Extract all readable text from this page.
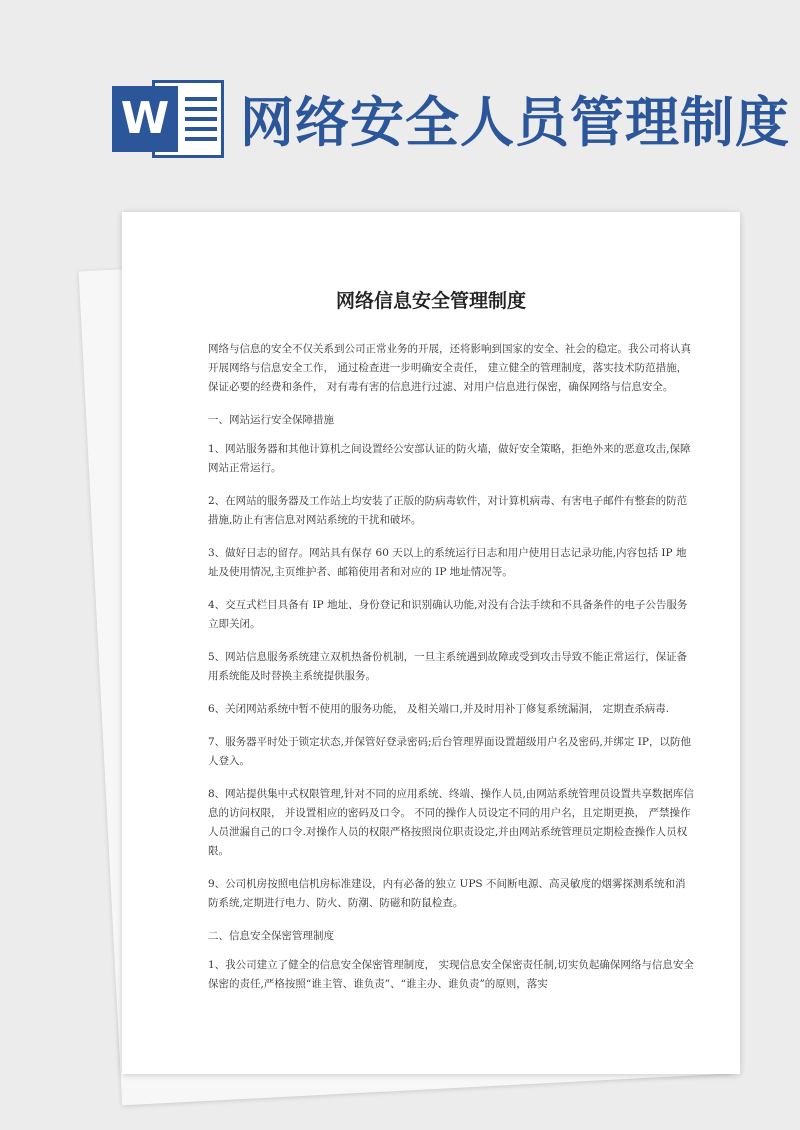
W 网络安全人员管理制度
网络信息安全管理制度

网络与信息的安全不仅关系到公司正常业务的开展，还将影响到国家的安全、社会的稳定。我公司将认真开展网络与信息安全工作， 通过检查进一步明确安全责任， 建立健全的管理制度，落实技术防范措施， 保证必要的经费和条件， 对有毒有害的信息进行过滤、对用户信息进行保密，确保网络与信息安全。

一、网站运行安全保障措施

1、网站服务器和其他计算机之间设置经公安部认证的防火墙，做好安全策略，拒绝外来的恶意攻击,保障网站正常运行。

2、在网站的服务器及工作站上均安装了正版的防病毒软件，对计算机病毒、有害电子邮件有整套的防范措施,防止有害信息对网站系统的干扰和破坏。

3、做好日志的留存。网站具有保存 60 天以上的系统运行日志和用户使用日志记录功能,内容包括 IP 地址及使用情况,主页维护者、邮箱使用者和对应的 IP 地址情况等。

4、交互式栏目具备有 IP 地址、身份登记和识别确认功能,对没有合法手续和不具备条件的电子公告服务立即关闭。

5、网站信息服务系统建立双机热备份机制，一旦主系统遇到故障或受到攻击导致不能正常运行，保证备用系统能及时替换主系统提供服务。

6、关闭网站系统中暂不使用的服务功能， 及相关端口,并及时用补丁修复系统漏洞， 定期查杀病毒.

7、服务器平时处于锁定状态,并保管好登录密码;后台管理界面设置超级用户名及密码,并绑定 IP，以防他人登入。

8、网站提供集中式权限管理,针对不同的应用系统、终端、操作人员,由网站系统管理员设置共享数据库信息的访问权限， 并设置相应的密码及口令。 不同的操作人员设定不同的用户名，且定期更换， 严禁操作人员泄漏自己的口令.对操作人员的权限严格按照岗位职责设定,并由网站系统管理员定期检查操作人员权限。

9、公司机房按照电信机房标准建设，内有必备的独立 UPS 不间断电源、高灵敏度的烟雾探测系统和消防系统,定期进行电力、防火、防潮、防磁和防鼠检查。

二、信息安全保密管理制度

1、我公司建立了健全的信息安全保密管理制度， 实现信息安全保密责任制,切实负起确保网络与信息安全保密的责任,严格按照“谁主管、谁负责”、“谁主办、谁负责”的原则，落实
